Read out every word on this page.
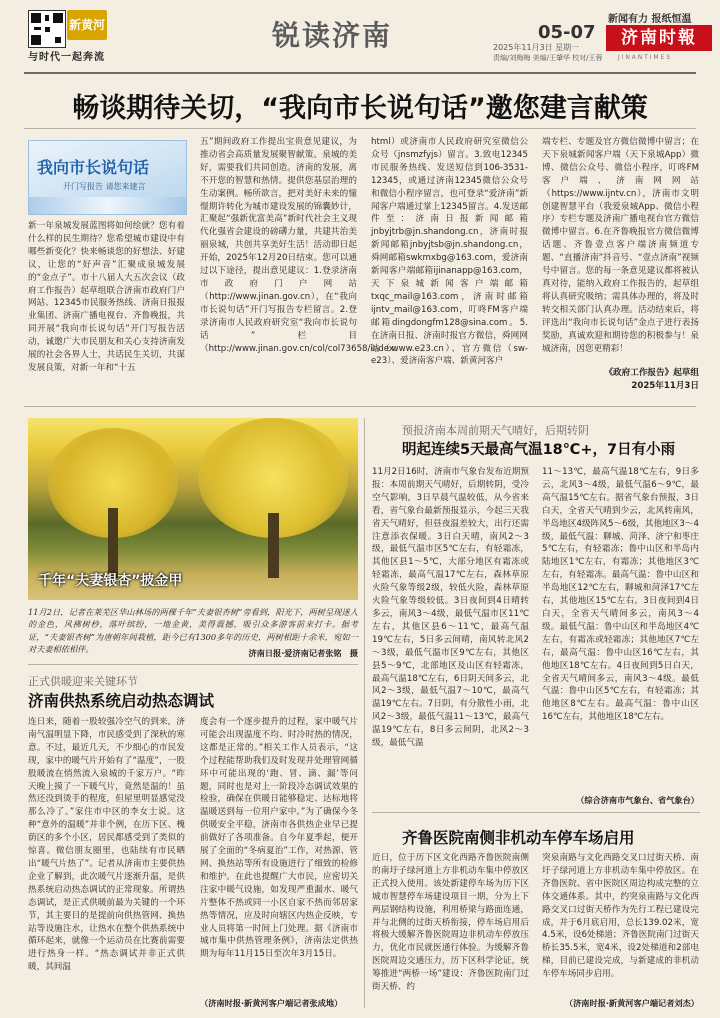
新黄河
与时代一起奔流
锐读济南	05-07
2025年11月3日 星期一
责编/刘梅梅 美编/王肇华 校对/王蓉
新闻有力 报纸恒温
济南时報
J I N A N T I M E S
畅谈期待关切，“我向市长说句话”邀您建言献策
我向市长说句话
开门写报告 请您来建言
新一年泉城发展蓝图将如何绘就？您有着什么样的民生期待？您希望城市建设中有哪些新变化？快来畅谈您的好想法、好建议，让您的“好声音”汇聚成泉城发展的“金点子”。市十八届人大五次会议（政府工作报告）起草组联合济南市政府门户网站、12345市民服务热线、济南日报报业集团、济南广播电视台、齐鲁晚报，共同开展“我向市长说句话”开门写报告活动，诚邀广大市民朋友和关心支持济南发展的社会各界人士，共话民生关切，共谋发展良策，对新一年和“十五
五”期间政府工作提出宝贵意见建议，为推动省会高质量发展聚智献策。泉城的美好，需要我们共同创造。济南的发展，离不开您的智慧和热情。提供您基层治理的生动案例。畅所欲言，把对美好未来的憧憬期许转化为城市建设发展的锦囊妙计，汇聚起“强新优富美高”新时代社会主义现代化强省会建设的磅礴力量，共建共治美丽泉城，共创共享美好生活！活动即日起开始，2025年12月20日结束。您可以通过以下途径，提出意见建议：1.登录济南市政府门户网站（http://www.jinan.gov.cn），在“我向市长说句话”开门写报告专栏留言。2.登录济南市人民政府研究室“我向市长说句话”栏目（http://www.jinan.gov.cn/col/col73658/index.
html）或济南市人民政府研究室微信公众号（jnsmzfyjs）留言。3.致电12345市民服务热线、发送短信到106-3531-12345，或通过济南12345微信公众号和微信小程序留言，也可登录“爱济南”新闻客户端通过掌上12345留言。4.发送邮件至：济南日报新闻邮箱jnbyjtrb@jn.shandong.cn，济南时报新闻邮箱jnbyjtsb@jn.shandong.cn，舜网邮箱swkmxbg@163.com，爱济南新闻客户端邮箱ijinanapp@163.com，天下泉城新闻客户端邮箱txqc_mail@163.com，济南时邮箱ijntv_mail@163.com，叮咚FM客户端邮箱dingdongfm128@sina.com。5.在济南日报、济南时报官方微信，舜网网站（www.e23.cn）、官方微信（sw-e23）、爱济南客户端、新黄河客户
端专栏、专题及官方微信微博中留言；在天下泉城新闻客户端（天下泉城App）微博、微信公众号、微信小程序，叮咚FM客户端、济南网网站（https://www.ijntv.cn），济南市文明创建智慧平台（我爱泉城App、微信小程序）专栏专题及济南广播电视台官方微信微博中留言。6.在齐鲁晚报官方微信微博话题、齐鲁壹点客户端济南频道专题、“直播济南”抖音号、“壹点济南”视频号中留言。您的每一条意见建议都将被认真对待，能纳入政府工作报告的，起草组将认真研究吸纳；需具体办理的，将及时转交相关部门认真办理。活动结束后，将评选出“我向市长说句话”金点子进行表扬奖励，真诚欢迎和期待您的积极参与！泉城济南，因您更精彩！
《政府工作报告》起草组
2025年11月3日
千年“夫妻银杏”披金甲
11月2日，记者在莱芜区华山林场的两棵千年“夫妻银杏树”旁看到，阳光下，两树呈现迷人的金色，风拂树杪，落叶缤纷，一地金黄，美得震撼，吸引众多游客前来打卡。据考证，“夫妻银杏树”为唐朝年间栽植，距今已有1300多年的历史，两树相距十余米，宛如一对夫妻相依相伴。	济南日报·爱济南记者张铭　摄
正式供暖迎来关键环节
济南供热系统启动热态调试
连日来，随着一股较强冷空气的到来，济南气温明显下降，市民感受到了深秋的寒意。不过，最近几天，不少细心的市民发现，家中的暖气片开始有了“温度”，一股股暖流在悄然流入泉城的千家万户。“昨天晚上摸了一下暖气片，竟然是温的！虽然还没到烫手的程度，但屋里明显感觉没那么冷了。”家住市中区的李女士说。这种“意外的温暖”并非个例，在历下区、槐荫区的多个小区，居民都感受到了类似的惊喜。微信朋友圈里，也陆续有市民晒出“暖气片热了”。记者从济南市主要供热企业了解到，此次暖气片逐渐升温，是供热系统启动热态调试的正常现象。所谓热态调试，是正式供暖前最为关键的一个环节，其主要目的是提前向供热管网、换热站等设施注水，让热水在整个供热系统中循环起来，就像一个运动员在比赛前需要进行热身一样。“热态调试并非正式供暖，其间温
度会有一个逐步提升的过程，家中暖气片可能会出现温度不均、时冷时热的情况，这都是正常的。”相关工作人员表示，“这个过程能帮助我们及时发现并处理管网循环中可能出现的‘跑、冒、滴、漏’等问题，同时也是对上一阶段冷态调试效果的检验，确保在供暖日能够稳定、达标地将温暖送到每一位用户家中。”为了确保今冬供暖安全平稳，济南市各供热企业早已提前做好了各项准备。自今年夏季起，便开展了全面的“冬病夏治”工作，对热源、管网、换热站等所有设施进行了细致的检修和维护。在此也提醒广大市民，应密切关注家中暖气设施，如发现严重漏水、暖气片整体不热或同一小区自家不热而邻居家热等情况，应及时向辖区内热企反映，专业人员将第一时间上门处理。据《济南市城市集中供热管理条例》，济南法定供热期为每年11月15日至次年3月15日。
（济南时报·新黄河客户端记者张成地）
预报济南本周前期天气晴好，后期转阴
明起连续5天最高气温18℃+，7日有小雨
11月2日16时，济南市气象台发布近期预报：本周前期天气晴好，后期转阴，受冷空气影响，3日早晨气温较低，从今省来看，省气象台最新预报显示，今起三天我省天气晴好，但昼夜温差较大，出行还需注意添衣保暖。3日白天晴，南风2～3级，最低气温市区5℃左右，有轻霜冻，其他区县1～5℃，大部分地区有霜冻或轻霜冻，最高气温17℃左右，森林草原火险气象等级2级，较低火险，森林草原火险气象等级较低。3日夜间到4日晴转多云，南风3～4级，最低气温市区11℃左右，其他区县6～11℃，最高气温19℃左右，5日多云间晴，南风转北风2～3级，最低气温市区9℃左右，其他区县5～9℃，北部地区及山区有轻霜冻，最高气温18℃左右，6日阴天间多云，北风2～3级，最低气温7～10℃，最高气温19℃左右。7日阴，有分散性小雨，北风2～3级，最低气温11～13℃，最高气温19℃左右，8日多云间阴，北风2～3级，最低气温
11～13℃，最高气温18℃左右，9日多云，北风3～4级，最低气温6～9℃，最高气温15℃左右。据省气象台预报，3日白天，全省天气晴到少云，北风转南风，半岛地区4级阵风5～6级，其他地区3～4级，最低气温：聊城、菏泽、济宁和枣庄5℃左右，有轻霜冻；鲁中山区和半岛内陆地区1℃左右，有霜冻；其他地区3℃左右，有轻霜冻。最高气温：鲁中山区和半岛地区12℃左右，聊城和菏泽17℃左右，其他地区15℃左右。3日夜间到4日白天，全省天气晴间多云，南风3～4级。最低气温：鲁中山区和半岛地区4℃左右，有霜冻或轻霜冻；其他地区7℃左右，最高气温：鲁中山区16℃左右，其他地区18℃左右。4日夜间到5日白天，全省天气晴间多云，南风3～4级。最低气温：鲁中山区5℃左右，有轻霜冻；其他地区8℃左右。最高气温：鲁中山区16℃左右，其他地区18℃左右。
（综合济南市气象台、省气象台）
齐鲁医院南侧非机动车停车场启用
近日，位于历下区文化西路齐鲁医院南侧的南圩子绿河道上方非机动车集中停放区正式投入使用。该处新建停车场为历下区城市智慧停车场建设项目一期，分为上下两层钢结构设施，利用桥梁与路面连通，并与北侧的过街天桥衔接，停车场启用后将极大缓解齐鲁医院周边非机动车停放压力，优化市民就医通行体验。为缓解齐鲁医院周边交通压力，历下区科学论证，统筹推进“两桥一场”建设：齐鲁医院南门过街天桥、约
突泉南路与文化西路交叉口过街天桥、南圩子绿河道上方非机动车集中停放区。在齐鲁医院、省中医院区周边构成完整的立体交通体系。其中，约突泉南路与文化西路交叉口过街天桥作为先行工程已建设完成，并于6月底启用，总长139.02米，宽4.5米，设6处梯道；齐鲁医院南门过街天桥长35.5米，宽4米，设2处梯道和2部电梯，目前已建设完成，与新建成的非机动车停车场同步启用。
（济南时报·新黄河客户端记者刘杰）
